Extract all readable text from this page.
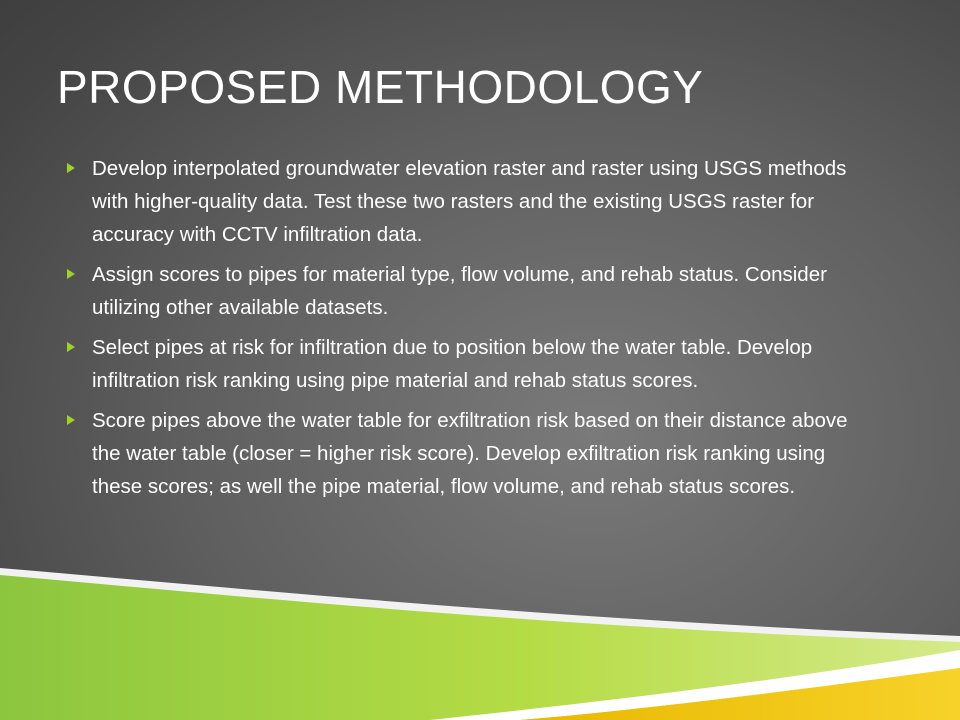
PROPOSED METHODOLOGY
Develop interpolated groundwater elevation raster and raster using USGS methods with higher-quality data. Test these two rasters and the existing USGS raster for accuracy with CCTV infiltration data.
Assign scores to pipes for material type, flow volume, and rehab status. Consider utilizing other available datasets.
Select pipes at risk for infiltration due to position below the water table. Develop infiltration risk ranking using pipe material and rehab status scores.
Score pipes above the water table for exfiltration risk based on their distance above the water table (closer = higher risk score). Develop exfiltration risk ranking using these scores; as well the pipe material, flow volume, and rehab status scores.
